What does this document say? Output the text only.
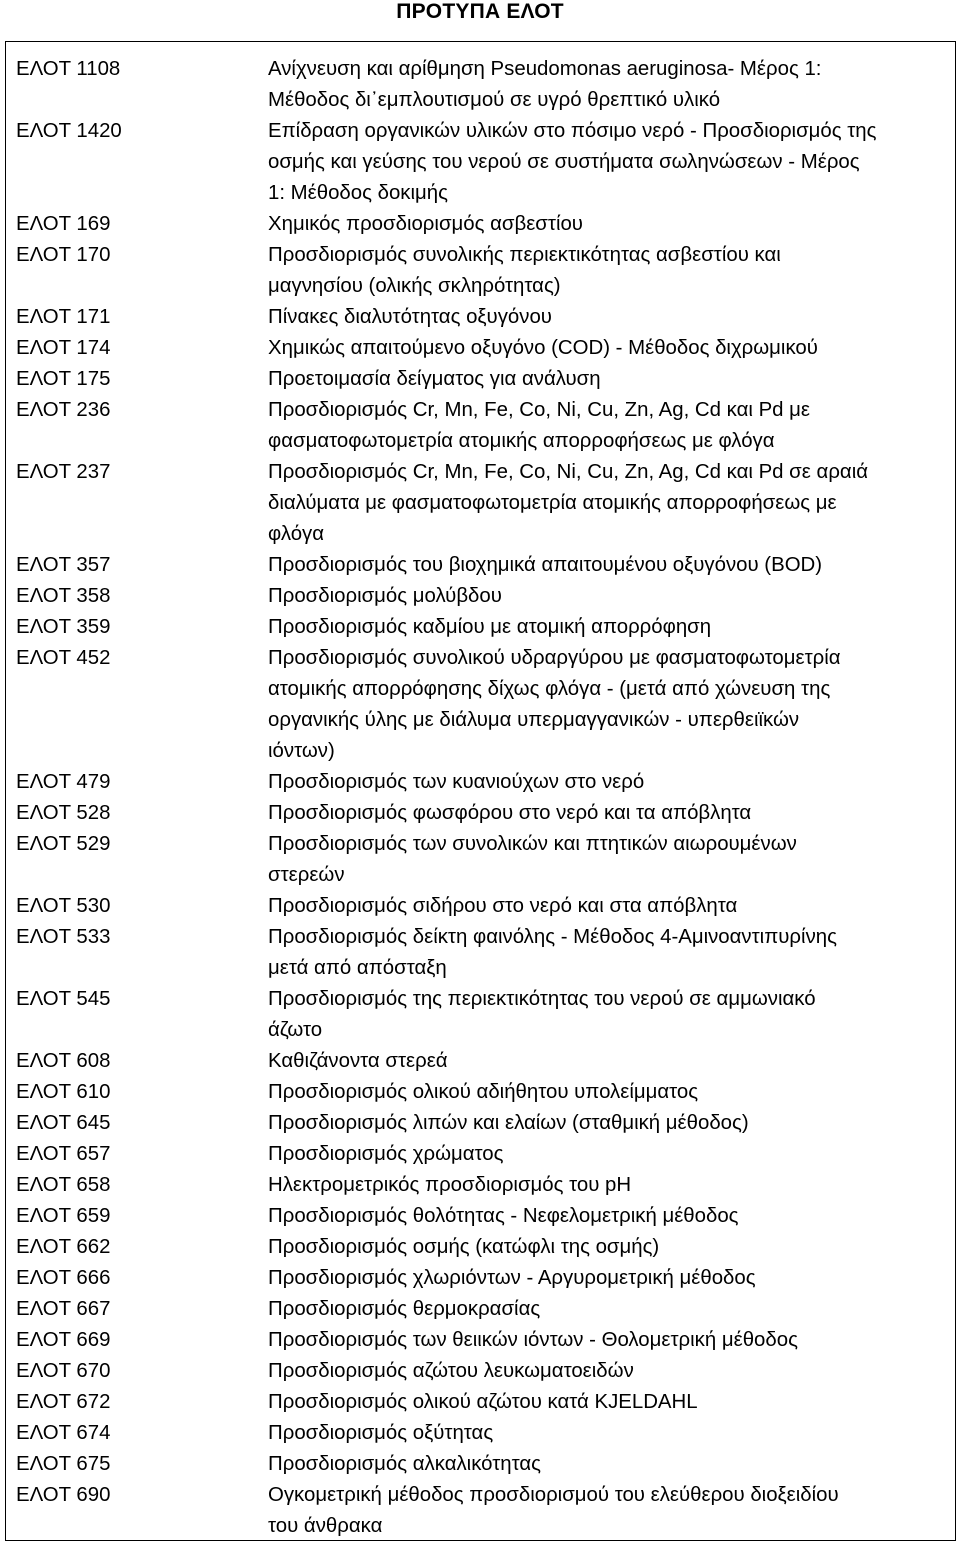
ΠΡΟΤΥΠΑ ΕΛΟΤ
ΕΛΟΤ 1108	Ανίχνευση και αρίθμηση Pseudomonas aeruginosa- Μέρος 1:
Μέθοδος δι᾽εμπλουτισμού σε υγρό θρεπτικό υλικό
ΕΛΟΤ 1420	Επίδραση οργανικών υλικών στο πόσιμο νερό - Προσδιορισμός της
οσμής και γεύσης του νερού σε συστήματα σωληνώσεων - Μέρος
1: Μέθοδος δοκιμής
ΕΛΟΤ 169	Χημικός προσδιορισμός ασβεστίου
ΕΛΟΤ 170	Προσδιορισμός συνολικής περιεκτικότητας ασβεστίου και
μαγνησίου (ολικής σκληρότητας)
ΕΛΟΤ 171	Πίνακες διαλυτότητας οξυγόνου
ΕΛΟΤ 174	Χημικώς απαιτούμενο οξυγόνο (COD) - Μέθοδος διχρωμικού
ΕΛΟΤ 175	Προετοιμασία δείγματος για ανάλυση
ΕΛΟΤ 236	Προσδιορισμός Cr, Mn, Fe, Co, Ni, Cu, Zn, Ag, Cd και Pd με
φασματοφωτομετρία ατομικής απορροφήσεως με φλόγα
ΕΛΟΤ 237	Προσδιορισμός Cr, Mn, Fe, Co, Ni, Cu, Zn, Ag, Cd και Pd σε αραιά
διαλύματα με φασματοφωτομετρία ατομικής απορροφήσεως με
φλόγα
ΕΛΟΤ 357	Προσδιορισμός του βιοχημικά απαιτουμένου οξυγόνου (BOD)
ΕΛΟΤ 358	Προσδιορισμός μολύβδου
ΕΛΟΤ 359	Προσδιορισμός καδμίου με ατομική απορρόφηση
ΕΛΟΤ 452	Προσδιορισμός συνολικού υδραργύρου με φασματοφωτομετρία
ατομικής απορρόφησης δίχως φλόγα - (μετά από χώνευση της
οργανικής ύλης με διάλυμα υπερμαγγανικών - υπερθειϊκών
ιόντων)
ΕΛΟΤ 479	Προσδιορισμός των κυανιούχων στο νερό
ΕΛΟΤ 528	Προσδιορισμός φωσφόρου στο νερό και τα απόβλητα
ΕΛΟΤ 529	Προσδιορισμός των συνολικών και πτητικών αιωρουμένων
στερεών
ΕΛΟΤ 530	Προσδιορισμός σιδήρου στο νερό και στα απόβλητα
ΕΛΟΤ 533	Προσδιορισμός δείκτη φαινόλης - Μέθοδος 4-Αμινοαντιπυρίνης
μετά από απόσταξη
ΕΛΟΤ 545	Προσδιορισμός της περιεκτικότητας του νερού σε αμμωνιακό
άζωτο
ΕΛΟΤ 608	Καθιζάνοντα στερεά
ΕΛΟΤ 610	Προσδιορισμός ολικού αδιήθητου υπολείμματος
ΕΛΟΤ 645	Προσδιορισμός λιπών και ελαίων (σταθμική μέθοδος)
ΕΛΟΤ 657	Προσδιορισμός χρώματος
ΕΛΟΤ 658	Ηλεκτρομετρικός προσδιορισμός του pH
ΕΛΟΤ 659	Προσδιορισμός θολότητας - Νεφελομετρική μέθοδος
ΕΛΟΤ 662	Προσδιορισμός οσμής (κατώφλι της οσμής)
ΕΛΟΤ 666	Προσδιορισμός χλωριόντων - Αργυρομετρική μέθοδος
ΕΛΟΤ 667	Προσδιορισμός θερμοκρασίας
ΕΛΟΤ 669	Προσδιορισμός των θειικών ιόντων - Θολομετρική μέθοδος
ΕΛΟΤ 670	Προσδιορισμός αζώτου λευκωματοειδών
ΕΛΟΤ 672	Προσδιορισμός ολικού αζώτου κατά KJELDAHL
ΕΛΟΤ 674	Προσδιορισμός οξύτητας
ΕΛΟΤ 675	Προσδιορισμός αλκαλικότητας
ΕΛΟΤ 690	Ογκομετρική μέθοδος προσδιορισμού του ελεύθερου διοξειδίου
του άνθρακα
